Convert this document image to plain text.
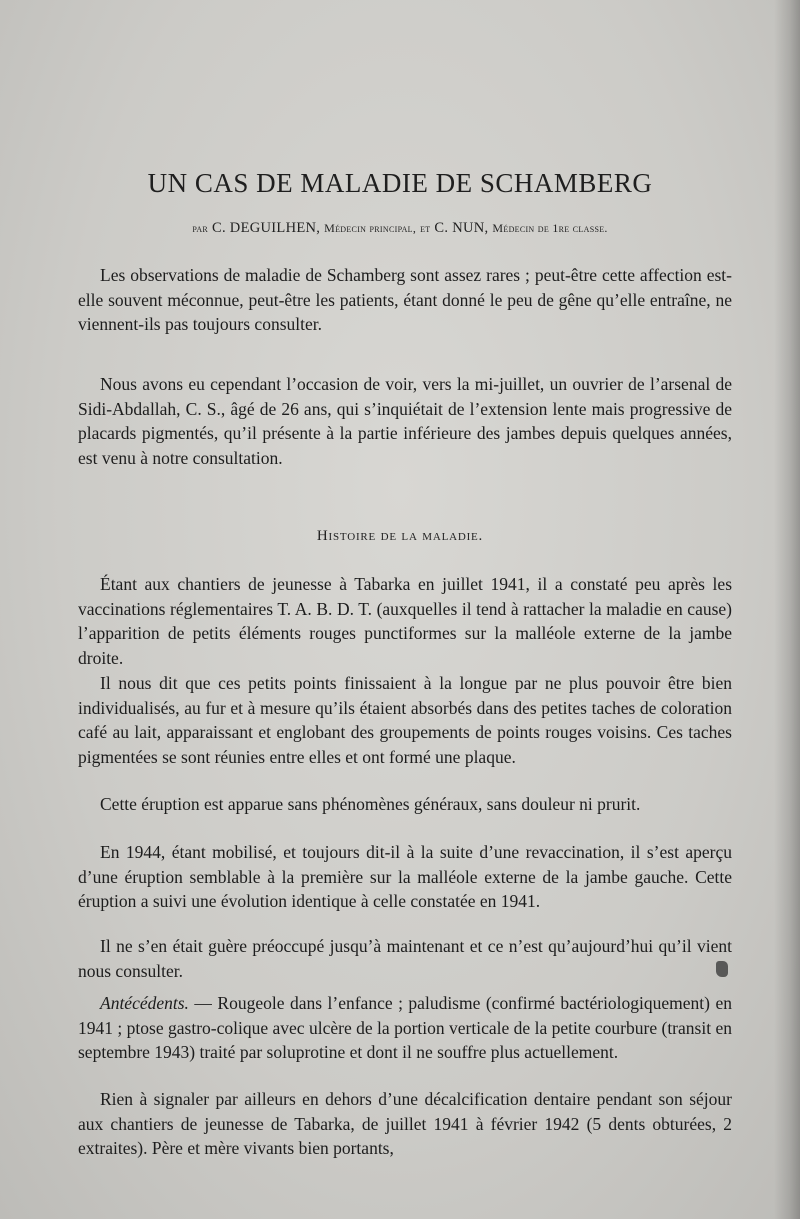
UN CAS DE MALADIE DE SCHAMBERG
par C. DEGUILHEN, Médecin principal, et C. NUN, Médecin de 1re classe.

Les observations de maladie de Schamberg sont assez rares ; peut-être cette affection est-elle souvent méconnue, peut-être les patients, étant donné le peu de gêne qu’elle entraîne, ne viennent-ils pas toujours consulter.

Nous avons eu cependant l’occasion de voir, vers la mi-juillet, un ouvrier de l’arsenal de Sidi-Abdallah, C. S., âgé de 26 ans, qui s’inquiétait de l’extension lente mais progressive de placards pigmentés, qu’il présente à la partie inférieure des jambes depuis quelques années, est venu à notre consultation.

Histoire de la maladie.

Étant aux chantiers de jeunesse à Tabarka en juillet 1941, il a constaté peu après les vaccinations réglementaires T. A. B. D. T. (auxquelles il tend à rattacher la maladie en cause) l’apparition de petits éléments rouges punctiformes sur la malléole externe de la jambe droite.

Il nous dit que ces petits points finissaient à la longue par ne plus pouvoir être bien individualisés, au fur et à mesure qu’ils étaient absorbés dans des petites taches de coloration café au lait, apparaissant et englobant des groupements de points rouges voisins. Ces taches pigmentées se sont réunies entre elles et ont formé une plaque.

Cette éruption est apparue sans phénomènes généraux, sans douleur ni prurit.

En 1944, étant mobilisé, et toujours dit-il à la suite d’une revaccination, il s’est aperçu d’une éruption semblable à la première sur la malléole externe de la jambe gauche. Cette éruption a suivi une évolution identique à celle constatée en 1941.

Il ne s’en était guère préoccupé jusqu’à maintenant et ce n’est qu’aujourd’hui qu’il vient nous consulter.

Antécédents. — Rougeole dans l’enfance ; paludisme (confirmé bactériologiquement) en 1941 ; ptose gastro-colique avec ulcère de la portion verticale de la petite courbure (transit en septembre 1943) traité par soluprotine et dont il ne souffre plus actuellement.

Rien à signaler par ailleurs en dehors d’une décalcification dentaire pendant son séjour aux chantiers de jeunesse de Tabarka, de juillet 1941 à février 1942 (5 dents obturées, 2 extraites). Père et mère vivants bien portants,
